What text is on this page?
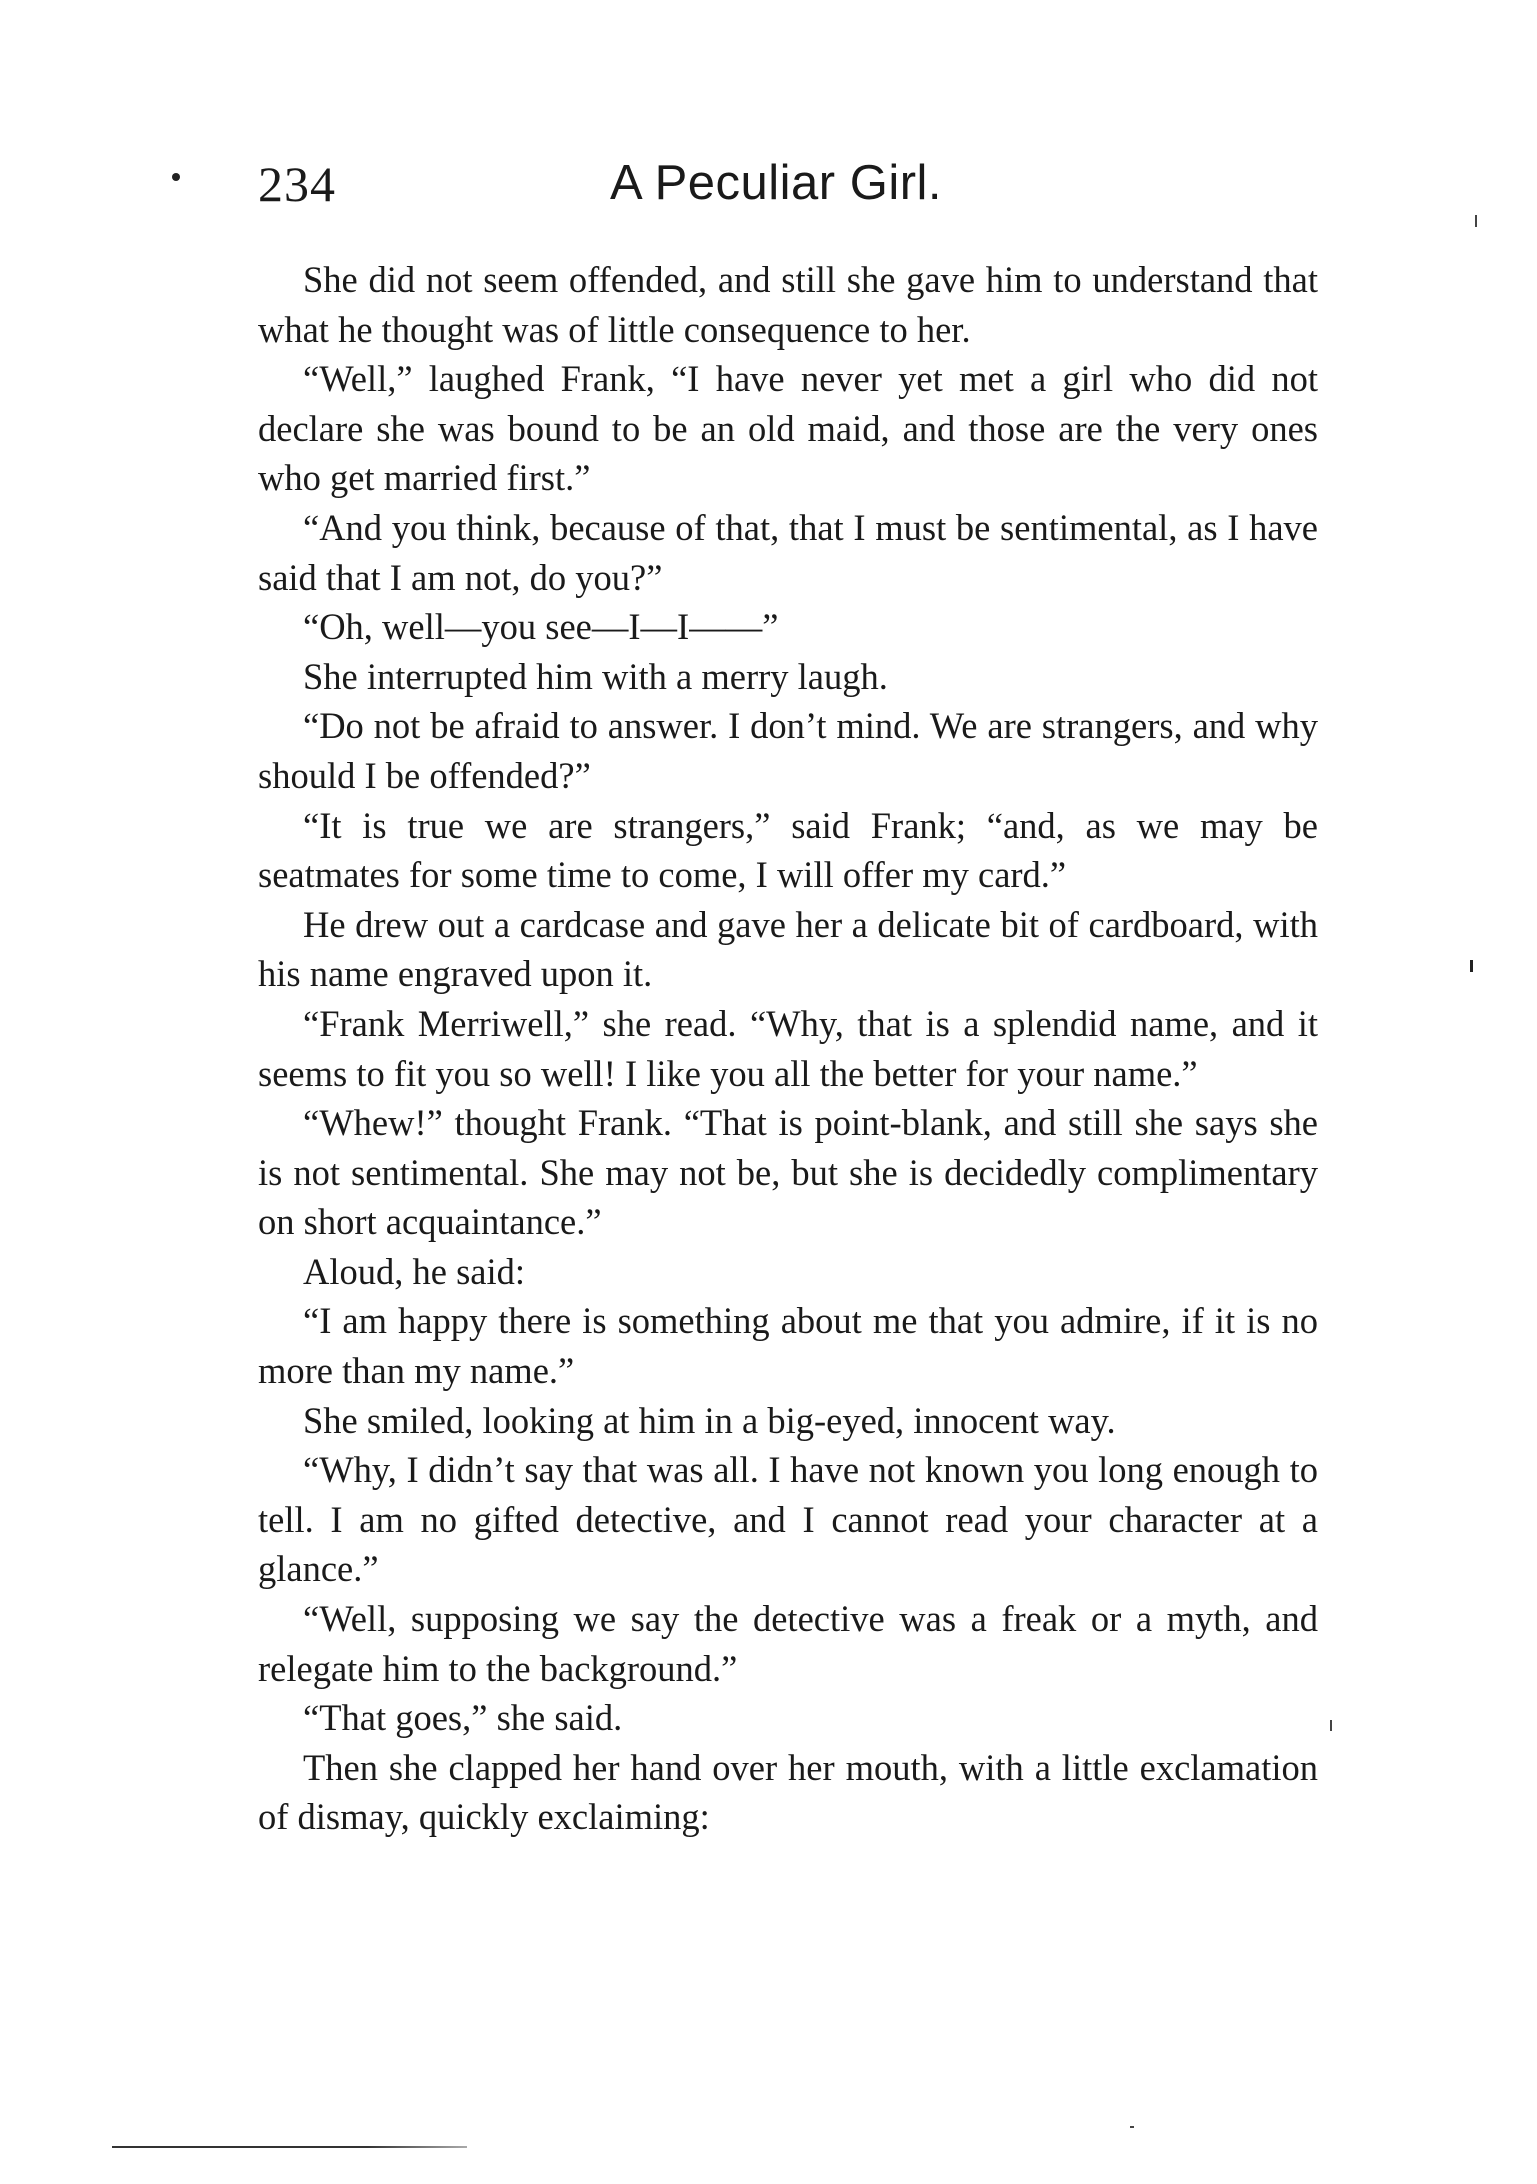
234	A Peculiar Girl.

She did not seem offended, and still she gave him to understand that what he thought was of little consequence to her.

“Well,” laughed Frank, “I have never yet met a girl who did not declare she was bound to be an old maid, and those are the very ones who get married first.”

“And you think, because of that, that I must be sentimental, as I have said that I am not, do you?”

“Oh, well—you see—I—I——”

She interrupted him with a merry laugh.

“Do not be afraid to answer. I don’t mind. We are strangers, and why should I be offended?”

“It is true we are strangers,” said Frank; “and, as we may be seatmates for some time to come, I will offer my card.”

He drew out a cardcase and gave her a delicate bit of cardboard, with his name engraved upon it.

“Frank Merriwell,” she read. “Why, that is a splendid name, and it seems to fit you so well! I like you all the better for your name.”

“Whew!” thought Frank. “That is point-blank, and still she says she is not sentimental. She may not be, but she is decidedly complimentary on short acquaintance.”

Aloud, he said:

“I am happy there is something about me that you admire, if it is no more than my name.”

She smiled, looking at him in a big-eyed, innocent way.

“Why, I didn’t say that was all. I have not known you long enough to tell. I am no gifted detective, and I cannot read your character at a glance.”

“Well, supposing we say the detective was a freak or a myth, and relegate him to the background.”

“That goes,” she said.

Then she clapped her hand over her mouth, with a little exclamation of dismay, quickly exclaiming:
